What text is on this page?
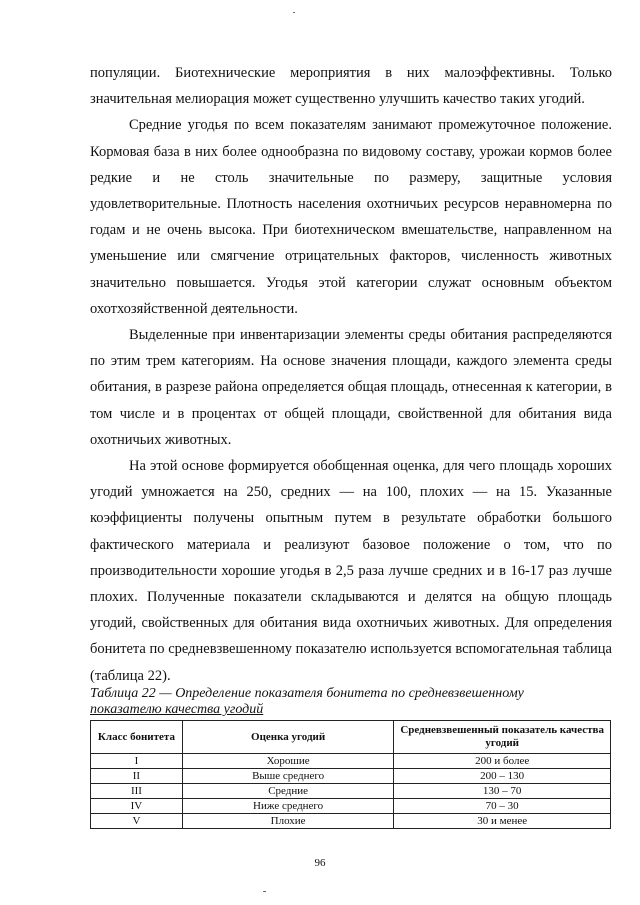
популяции. Биотехнические мероприятия в них малоэффективны. Только значительная мелиорация может существенно улучшить качество таких угодий.

Средние угодья по всем показателям занимают промежуточное положение. Кормовая база в них более однообразна по видовому составу, урожаи кормов более редкие и не столь значительные по размеру, защитные условия удовлетворительные. Плотность населения охотничьих ресурсов неравномерна по годам и не очень высока. При биотехническом вмешательстве, направленном на уменьшение или смягчение отрицательных факторов, численность животных значительно повышается. Угодья этой категории служат основным объектом охотхозяйственной деятельности.

Выделенные при инвентаризации элементы среды обитания распределяются по этим трем категориям. На основе значения площади, каждого элемента среды обитания, в разрезе района определяется общая площадь, отнесенная к категории, в том числе и в процентах от общей площади, свойственной для обитания вида охотничьих животных.

На этой основе формируется обобщенная оценка, для чего площадь хороших угодий умножается на 250, средних — на 100, плохих — на 15. Указанные коэффициенты получены опытным путем в результате обработки большого фактического материала и реализуют базовое положение о том, что по производительности хорошие угодья в 2,5 раза лучше средних и в 16-17 раз лучше плохих. Полученные показатели складываются и делятся на общую площадь угодий, свойственных для обитания вида охотничьих животных. Для определения бонитета по средневзвешенному показателю используется вспомогательная таблица (таблица 22).

Таблица 22 — Определение показателя бонитета по средневзвешенному
показателю качества угодий
Класс бонитета	Оценка угодий	Средневзвешенный показатель качества угодий
I	Хорошие	200 и более
II	Выше среднего	200 – 130
III	Средние	130 – 70
IV	Ниже среднего	70 – 30
V	Плохие	30 и менее
96
